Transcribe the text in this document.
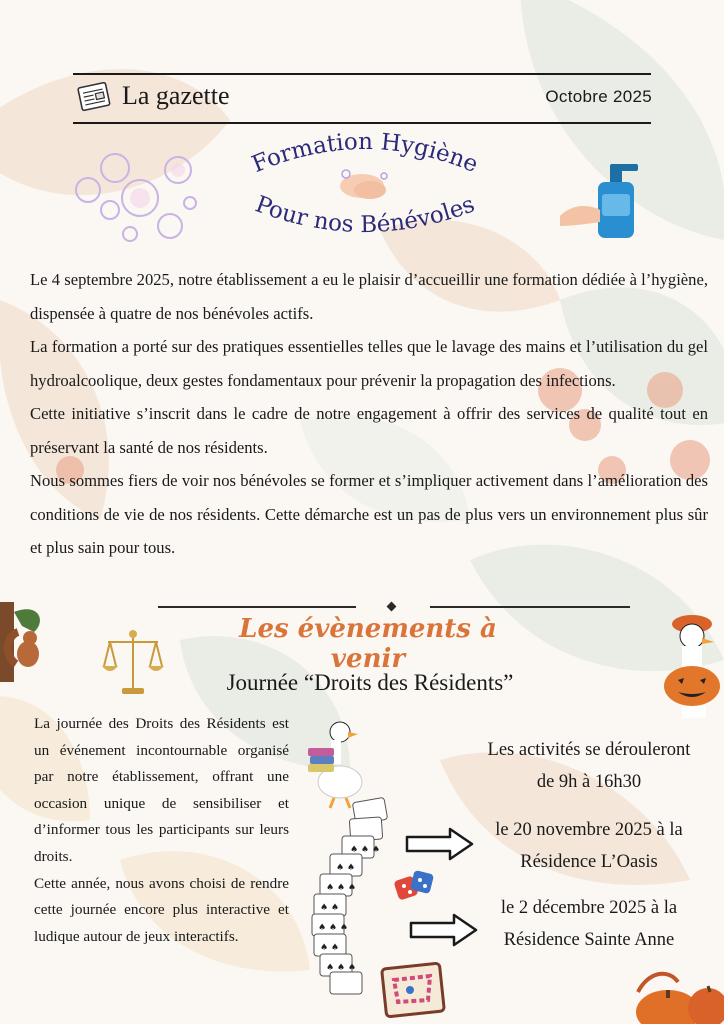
La gazette	Octobre 2025
Formation Hygiène
Pour nos Bénévoles

Le 4 septembre 2025, notre établissement a eu le plaisir d’accueillir une formation dédiée à l’hygiène, dispensée à quatre de nos bénévoles actifs.

La formation a porté sur des pratiques essentielles telles que le lavage des mains et l’utilisation du gel hydroalcoolique, deux gestes fondamentaux pour prévenir la propagation des infections.

Cette initiative s’inscrit dans le cadre de notre engagement à offrir des services de qualité tout en préservant la santé de nos résidents.

Nous sommes fiers de voir nos bénévoles se former et s’impliquer activement dans l’amélioration des conditions de vie de nos résidents. Cette démarche est un pas de plus vers un environnement plus sûr et plus sain pour tous.

Les évènements à venir
Journée “Droits des Résidents”

La journée des Droits des Résidents est un événement incontournable organisé par notre établissement, offrant une occasion unique de sensibiliser et d’informer tous les participants sur leurs droits.

Cette année, nous avons choisi de rendre cette journée encore plus interactive et ludique autour de jeux interactifs.

♠ ♠ ♠
♠ ♠
♠ ♠ ♠
♠ ♠
♠ ♠ ♠
♠ ♠
♠ ♠ ♠
Les activités se dérouleront
de 9h à 16h30
le 20 novembre 2025 à la
Résidence L’Oasis
le 2 décembre 2025 à la
Résidence Sainte Anne
